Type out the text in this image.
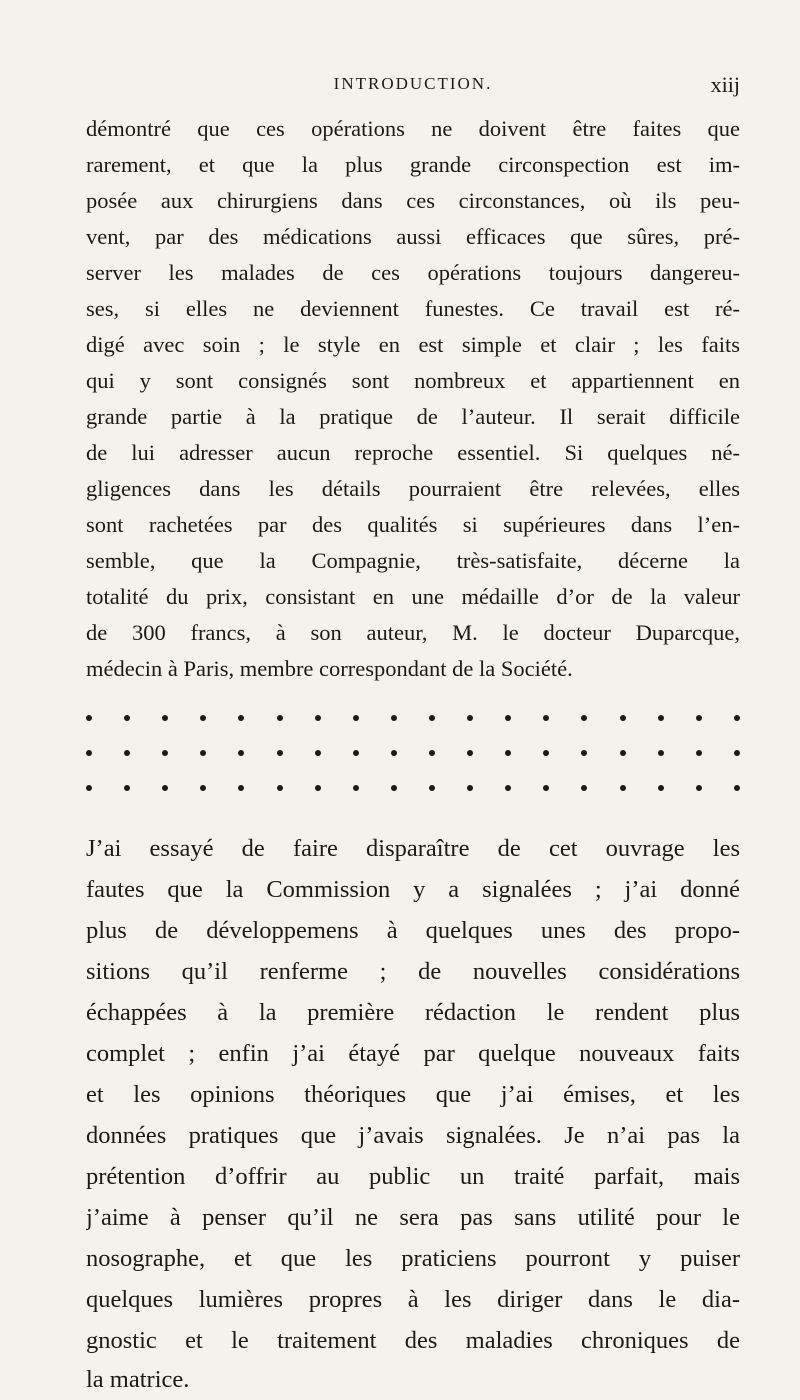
INTRODUCTION.	xiij
démontré que ces opérations ne doivent être faites que
rarement, et que la plus grande circonspection est im-
posée aux chirurgiens dans ces circonstances, où ils peu-
vent, par des médications aussi efficaces que sûres, pré-
server les malades de ces opérations toujours dangereu-
ses, si elles ne deviennent funestes. Ce travail est ré-
digé avec soin ; le style en est simple et clair ; les faits
qui y sont consignés sont nombreux et appartiennent en
grande partie à la pratique de l’auteur. Il serait difficile
de lui adresser aucun reproche essentiel. Si quelques né-
gligences dans les détails pourraient être relevées, elles
sont rachetées par des qualités si supérieures dans l’en-
semble, que la Compagnie, très-satisfaite, décerne la
totalité du prix, consistant en une médaille d’or de la valeur
de 300 francs, à son auteur, M. le docteur Duparcque,
médecin à Paris, membre correspondant de la Société.
J’ai essayé de faire disparaître de cet ouvrage les
fautes que la Commission y a signalées ; j’ai donné
plus de développemens à quelques unes des propo-
sitions qu’il renferme ; de nouvelles considérations
échappées à la première rédaction le rendent plus
complet ; enfin j’ai étayé par quelque nouveaux faits
et les opinions théoriques que j’ai émises, et les
données pratiques que j’avais signalées. Je n’ai pas la
prétention d’offrir au public un traité parfait, mais
j’aime à penser qu’il ne sera pas sans utilité pour le
nosographe, et que les praticiens pourront y puiser
quelques lumières propres à les diriger dans le dia-
gnostic et le traitement des maladies chroniques de
la matrice.
